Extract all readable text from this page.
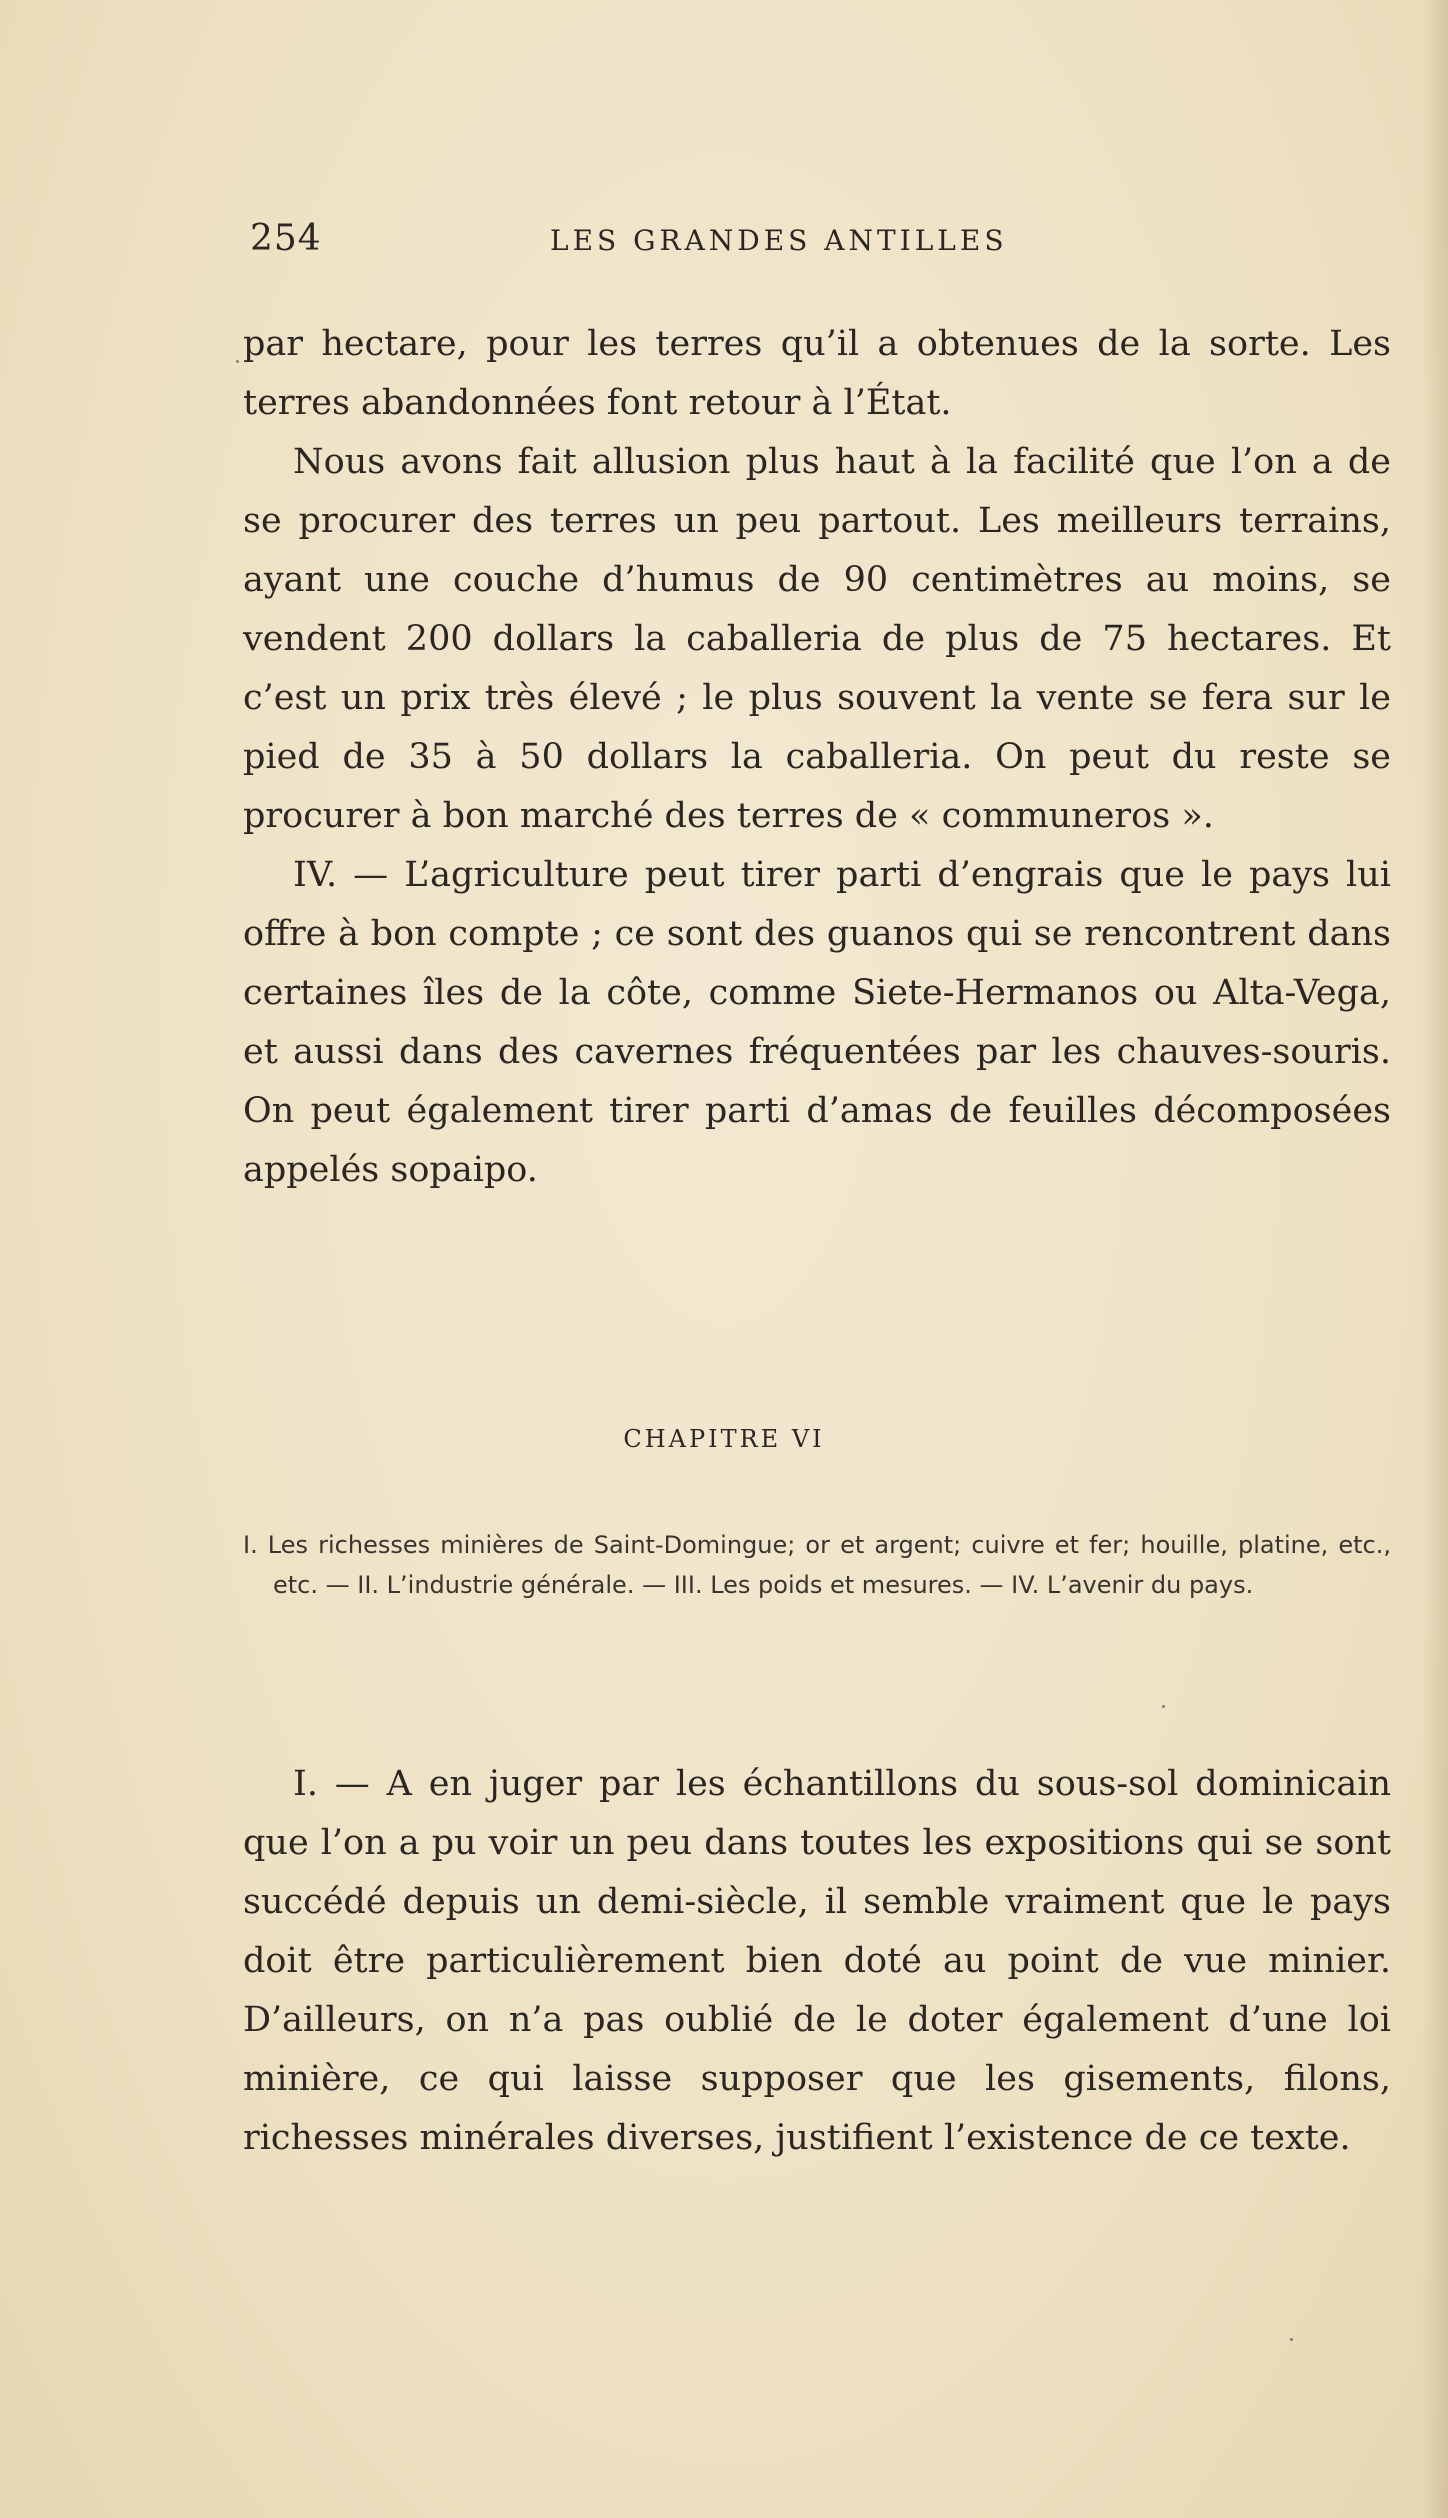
254	LES GRANDES ANTILLES

par hectare, pour les terres qu’il a obtenues de la sorte. Les terres abandonnées font retour à l’État.

Nous avons fait allusion plus haut à la facilité que l’on a de se procurer des terres un peu partout. Les meilleurs terrains, ayant une couche d’humus de 90 centimètres au moins, se vendent 200 dollars la caballeria de plus de 75 hectares. Et c’est un prix très élevé ; le plus souvent la vente se fera sur le pied de 35 à 50 dollars la caballeria. On peut du reste se procurer à bon marché des terres de « communeros ».

IV. — L’agriculture peut tirer parti d’engrais que le pays lui offre à bon compte ; ce sont des guanos qui se rencontrent dans certaines îles de la côte, comme Siete-Hermanos ou Alta-Vega, et aussi dans des cavernes fréquentées par les chauves-souris. On peut également tirer parti d’amas de feuilles décomposées appelés sopaipo.

CHAPITRE VI

I. Les richesses minières de Saint-Domingue; or et argent; cuivre et fer; houille, platine, etc., etc. — II. L’industrie générale. — III. Les poids et mesures. — IV. L’avenir du pays.

I. — A en juger par les échantillons du sous-sol dominicain que l’on a pu voir un peu dans toutes les expositions qui se sont succédé depuis un demi-siècle, il semble vraiment que le pays doit être particulièrement bien doté au point de vue minier. D’ailleurs, on n’a pas oublié de le doter également d’une loi minière, ce qui laisse supposer que les gisements, filons, richesses minérales diverses, justifient l’existence de ce texte.
